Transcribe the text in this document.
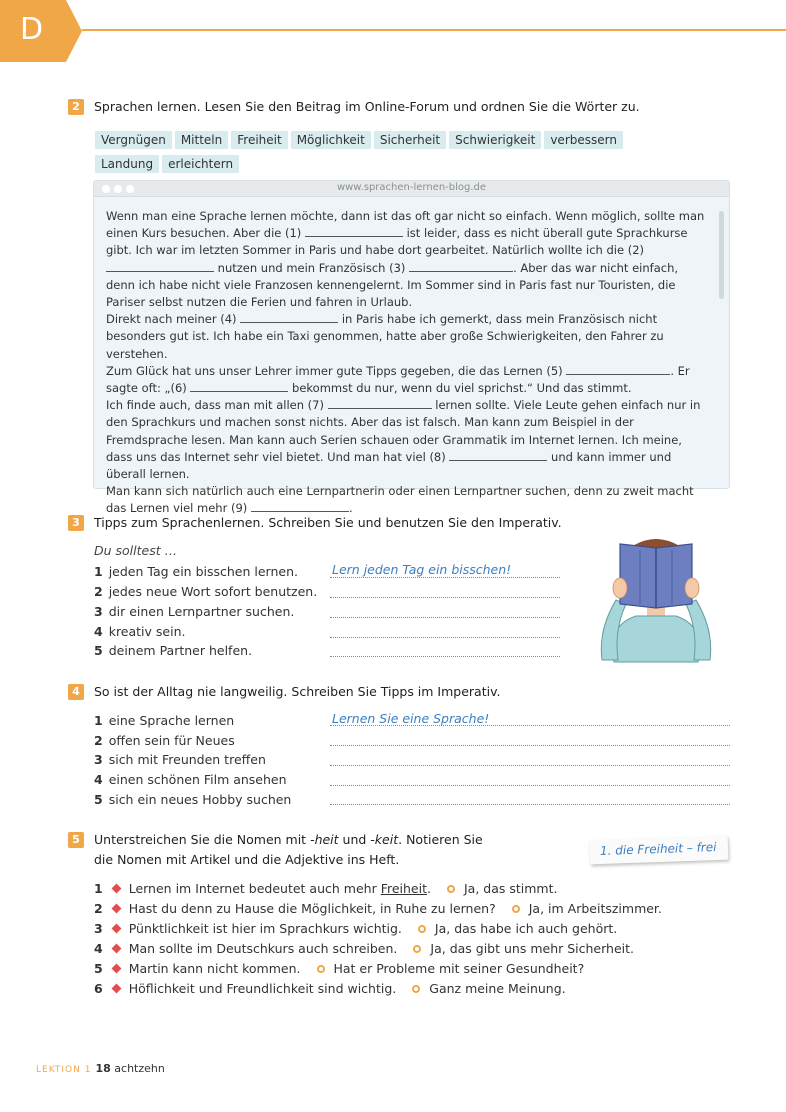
D
2	Sprachen lernen. Lesen Sie den Beitrag im Online-Forum und ordnen Sie die Wörter zu.
Vergnügen Mitteln Freiheit Möglichkeit Sicherheit Schwierigkeit verbessern
Landung erleichtern
www.sprachen-lernen-blog.de
Wenn man eine Sprache lernen möchte, dann ist das oft gar nicht so einfach. Wenn möglich, sollte man einen Kurs besuchen. Aber die (1)	ist leider, dass es nicht überall gute Sprachkurse gibt. Ich war im letzten Sommer in Paris und habe dort gearbeitet. Natürlich wollte ich die (2)  nutzen und mein Französisch (3)	. Aber das war nicht einfach, denn ich habe nicht viele Franzosen kennengelernt. Im Sommer sind in Paris fast nur Touristen, die Pariser selbst nutzen die Ferien und fahren in Urlaub.
Direkt nach meiner (4)	in Paris habe ich gemerkt, dass mein Französisch nicht besonders gut ist. Ich habe ein Taxi genommen, hatte aber große Schwierigkeiten, den Fahrer zu verstehen.
Zum Glück hat uns unser Lehrer immer gute Tipps gegeben, die das Lernen (5)	. Er sagte oft: „(6)	bekommst du nur, wenn du viel sprichst.“ Und das stimmt.
Ich finde auch, dass man mit allen (7)	lernen sollte. Viele Leute gehen einfach nur in den Sprachkurs und machen sonst nichts. Aber das ist falsch. Man kann zum Beispiel in der Fremdsprache lesen. Man kann auch Serien schauen oder Grammatik im Internet lernen. Ich meine, dass uns das Internet sehr viel bietet. Und man hat viel (8)	und kann immer und überall lernen.
Man kann sich natürlich auch eine Lernpartnerin oder einen Lernpartner suchen, denn zu zweit macht das Lernen viel mehr (9)	.
3	Tipps zum Sprachenlernen. Schreiben Sie und benutzen Sie den Imperativ.
Du solltest …
1 jeden Tag ein bisschen lernen.
2 jedes neue Wort sofort benutzen.
3 dir einen Lernpartner suchen.
4 kreativ sein.
5 deinem Partner helfen.
Lern jeden Tag ein bisschen!
4	So ist der Alltag nie langweilig. Schreiben Sie Tipps im Imperativ.
1 eine Sprache lernen
2 offen sein für Neues
3 sich mit Freunden treffen
4 einen schönen Film ansehen
5 sich ein neues Hobby suchen
Lernen Sie eine Sprache!
5	Unterstreichen Sie die Nomen mit -heit und -keit. Notieren Sie
die Nomen mit Artikel und die Adjektive ins Heft.
1. die Freiheit – frei
1 Lernen im Internet bedeutet auch mehr Freiheit.	Ja, das stimmt.
2 Hast du denn zu Hause die Möglichkeit, in Ruhe zu lernen?	Ja, im Arbeitszimmer.
3 Pünktlichkeit ist hier im Sprachkurs wichtig.	Ja, das habe ich auch gehört.
4 Man sollte im Deutschkurs auch schreiben.	Ja, das gibt uns mehr Sicherheit.
5 Martin kann nicht kommen.	Hat er Probleme mit seiner Gesundheit?
6 Höflichkeit und Freundlichkeit sind wichtig.	Ganz meine Meinung.
LEKTION 1 18 achtzehn
